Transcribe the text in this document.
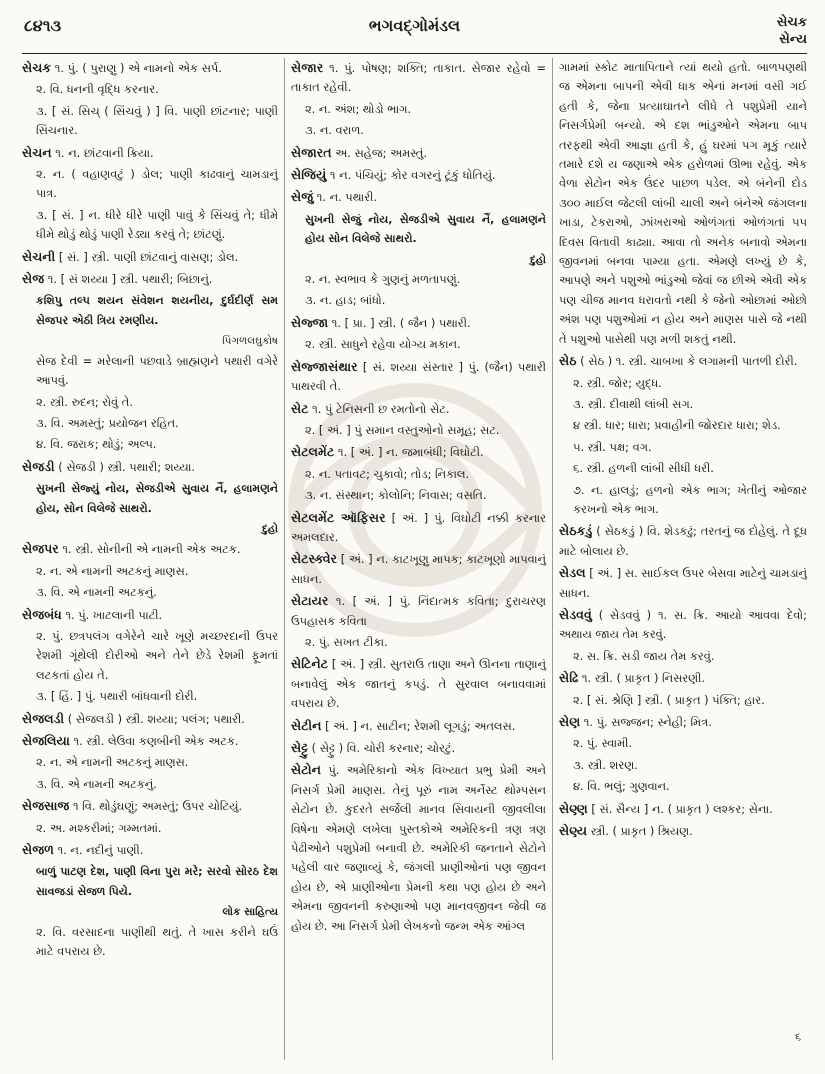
૮૪૧૩	ભગવદ્ગોમંડલ	સેચક
સેન્ય
સેચક ૧. પું. ( પુરાણુ ) એ નામનો એક સર્પ.
૨. વિ. ધનની વૃદ્ધિ કરનાર.
૩. [ સં. સિચ્ ( સિંચવું ) ] વિ. પાણી છાંટનાર; પાણી સિંચનાર.
સેચન ૧. ન. છાંટવાની ક્રિયા.
૨. ન. ( વહાણવટું ) ડોલ; પાણી કાઢવાનું ચામડાનું પાત્ર.
૩. [ સં. ] ન. ધીરે ધીરે પાણી પાવું કે સિંચવું તે; ધીમે ધીમે થોડું થોડું પાણી રેડ્યા કરવું તે; છાંટણું.
સેચની [ સં. ] સ્ત્રી. પાણી છાંટવાનું વાસણ; ડોલ.
સેજ ૧. [ સં શય્યા ] સ્ત્રી. પથારી; બિછાનું.
કશિપુ તલ્પ શયન સંવેશન શયનીય, દુર્ઘદીર્ણ સમ સેજપર એઠી ત્રિય રમણીય.
પિંગળલઘુકોષ
સેજ દેવી = મરેલાની પછવાડે બ્રાહ્મણને પથારી વગેરે આપવું.
૨. સ્ત્રી. રુદન; રોવું તે.
૩. વિ. અમસ્તું; પ્રયોજન રહિત.
૪. વિ. જરાક; થોડું; અલ્પ.
સેજડી ( સેજડી ) સ્ત્રી. પથારી; શય્યા.
સુખની સેજ્યું નોય, સેજડીએ સુવાય નૈં, હલામણને હોય, સોન વિલેજે સાથરો.
દુહો
સેજપર ૧. સ્ત્રી. સોનીની એ નામની એક અટક.
૨. ન. એ નામની અટકનું માણસ.
૩. વિ. એ નામની અટકનું.
સેજબંધ ૧. પું. ખાટલાની પાટી.
૨. પું. છત્રપલંગ વગેરેને ચારે ખૂણે મચ્છરદાની ઉપર રેશમી ગૂંથેલી દોરીઓ અને તેને છેડે રેશમી ફૂમતાં લટકતાં હોય તે.
૩. [ હિં. ] પું. પથારી બાંધવાની દોરી.
સેજલડી ( સેજલડી ) સ્ત્રી. શય્યા; પલંગ; પથારી.
સેજલિયા ૧. સ્ત્રી. લેઉવા કણબીની એક અટક.
૨. ન. એ નામની અટકનું માણસ.
૩. વિ. એ નામની અટકનું.
સેજસાજ ૧ વિ. થોડુંઘણું; અમસ્તું; ઉપર ચોટિયું.
૨. અ. મશ્કરીમાં; ગમ્મતમાં.
સેજળ ૧. ન. નદીનું પાણી.
બાળું પાટણ દેશ, પાણી વિના પુરા મરે; સરવો સોરઠ દેશ સાવજડાં સેજળ પિયે.
લોક સાહિત્ય
૨. વિ. વરસાદના પાણીથી થતું. તે ખાસ કરીને ઘઉં માટે વપરાય છે.
સેજાર ૧. પું. પોષણ; શક્તિ; તાકાત. સેજાર રહેવો = તાકાત રહેવી.
૨. ન. અંશ; થોડો ભાગ.
૩. ન. વરાળ.
સેજારત અ. સહેજ; અમસ્તું.
સેજિયું ૧ ન. પંચિયું; કોર વગરનું ટૂંકું ધોતિયું.
સેજું ૧. ન. પથારી.
સુખની સેજું નોય, સેજડીએ સુવાય નૈં, હલામણને હોય સોન વિલેજે સાથરો.
દુહો
૨. ન. સ્વભાવ કે ગુણનું મળતાપણું.
૩. ન. હાડ; બાંધો.
સેજ્જા ૧. [ પ્રા. ] સ્ત્રી. ( જૈન ) પથારી.
૨. સ્ત્રી. સાધુને રહેવા યોગ્ય મકાન.
સેજ્જાસંથાર [ સં. શય્યા સંસ્તાર ] પું. (જૈન) પથારી પાથરવી તે.
સેટ ૧. પું ટેનિસની છ રમતોનો સેટ.
૨. [ અં. ] પું સમાન વસ્તુઓનો સમૂહ; સટ.
સેટલમેંટ ૧. [ અં. ] ન. જમાબંધી; વિઘોટી.
૨. ન. પતાવટ; ચુકાવો; તોડ; નિકાલ.
૩. ન. સંસ્થાન; કોલોનિ; નિવાસ; વસતિ.
સેટલમેંટ ઑફિસર [ અં. ] પું. વિઘોટી નક્કી કરનાર અમલદાર.
સેટસ્ક્વેર [ અં. ] ન. કાટખૂણુ માપક; કાટખૂણો માપવાનું સાધન.
સેટાયર ૧. [ અં. ] પું. નિંદાત્મક કવિતા; દુરાચરણ ઉપહાસક કવિતા
૨. પું. સખત ટીકા.
સેટિનેટ [ અં. ] સ્ત્રી. સુતરાઉ તાણા અને ઊનના તાણાનું બનાવેલું એક જાતનું કપડું. તે સુરવાલ બનાવવામાં વપરાય છે.
સેટીન [ અં. ] ન. સાટીન; રેશમી લૂગડું; અતલસ.
સેટ્ટુ ( સેટ્ટુ ) વિ. ચોરી કરનાર; ચોરટું.
સેટોન પું. અમેરિકાનો એક વિખ્યાત પ્રભુ પ્રેમી અને નિસર્ગ પ્રેમી માણસ. તેનું પૂરું નામ અર્નેસ્ટ થોમ્પસન સેટોન છે. કુદરતે સર્જેલી માનવ સિવાયની જીવલીલા વિષેના એમણે લખેલા પુસ્તકોએ અમેરિકની ત્રણ ત્રણ પેઢીઓને પશુપ્રેમી બનાવી છે. અમેરિકી જનતાને સેટોને પહેલી વાર જણાવ્યું કે, જંગલી પ્રાણીઓનાં પણ જીવન હોય છે, એ પ્રાણીઓના પ્રેમની કથા પણ હોય છે અને એમના જીવનની કરુણાઓ પણ માનવજીવન જેવી જ હોય છે. આ નિસર્ગ પ્રેમી લેખકનો જન્મ એક આંગ્લ
ગામમાં સ્કોટ માતાપિતાને ત્યાં થયો હતો. બાળપણથી જ એમના બાપની એવી ધાક એનાં મનમાં વસી ગઈ હતી કે, જેના પ્રત્યાઘાતને લીધે તે પશુપ્રેમી યાને નિસર્ગપ્રેમી બન્યો. એ દશ ભાંડુઓને એમના બાપ તરફથી એવી આજ્ઞા હતી કે, હું ઘરમાં પગ મૂકું ત્યારે તમારે દશે ય જણાએ એક હરોળમાં ઊભા રહેવું. એક વેળા સેટોન એક ઉંદર પાછળ પડેલ. એ બંનેની દોડ ૩૦૦ માઈલ જેટલી લાંબી ચાલી અને બંનેએ જંગલના ખાડા, ટેકરાઓ, ઝાંખરાઓ ઓળંગતાં ઓળંગતાં ૫૫ દિવસ વિતાવી કાઢ્યા. આવા તો અનેક બનાવો એમના જીવનમાં બનવા પામ્યા હતા. એમણે લખ્યું છે કે, આપણે અને પશુઓ ભાંડુઓ જેવાં જ છીએ એવી એક પણ ચીજ માનવ ધરાવતો નથી કે જેનો ઓછામાં ઓછો અંશ પણ પશુઓમાં ન હોય અને માણસ પાસે જે નથી તે પશુઓ પાસેથી પણ મળી શકતું નથી.
સેઠ ( સેઠ ) ૧. સ્ત્રી. ચાબખા કે લગામની પાતળી દોરી.
૨. સ્ત્રી. જોર; યુદ્ધ.
૩. સ્ત્રી. દીવાથી લાંબી સગ.
૪ સ્ત્રી. ધાર; ધારા; પ્રવાહીની જોરદાર ધારા; શેડ.
૫. સ્ત્રી. પક્ષ; વગ.
૬. સ્ત્રી. હળની લાંબી સીધી ધરી.
૭. ન. હાલડું; હળનો એક ભાગ; ખેતીનું ઓજાર કરખનો એક ભાગ.
સેઠકડું ( સેઠકડું ) વિ. શેડકઢું; તરતનું જ દોહેલું. તે દૂધ માટે બોલાય છે.
સેડલ [ અં. ] સ. સાઈકલ ઉપર બેસવા માટેનું ચામડાનું સાધન.
સેડવવું ( સેડવવું ) ૧. સ. ક્રિ. આયો આવવા દેવો; અથાય જાય તેમ કરવું.
૨. સ. ક્રિ. સડી જાય તેમ કરવું.
સેઢિ ૧. સ્ત્રી. ( પ્રાકૃત ) નિસરણી.
૨. [ સં. શ્રેણિ ] સ્ત્રી. ( પ્રાકૃત ) પંક્તિ; હાર.
સેણ ૧. પું. સજ્જન; સ્નેહી; મિત્ર.
૨. પું. સ્વામી.
૩. સ્ત્રી. શરણ.
૪. વિ. ભલું; ગુણવાન.
સેણ્ણ [ સં. સૈન્ય ] ન. ( પ્રાકૃત ) લશ્કર; સેના.
સેણ્ય સ્ત્રી. ( પ્રાકૃત ) શ્રિયણ.
૬
